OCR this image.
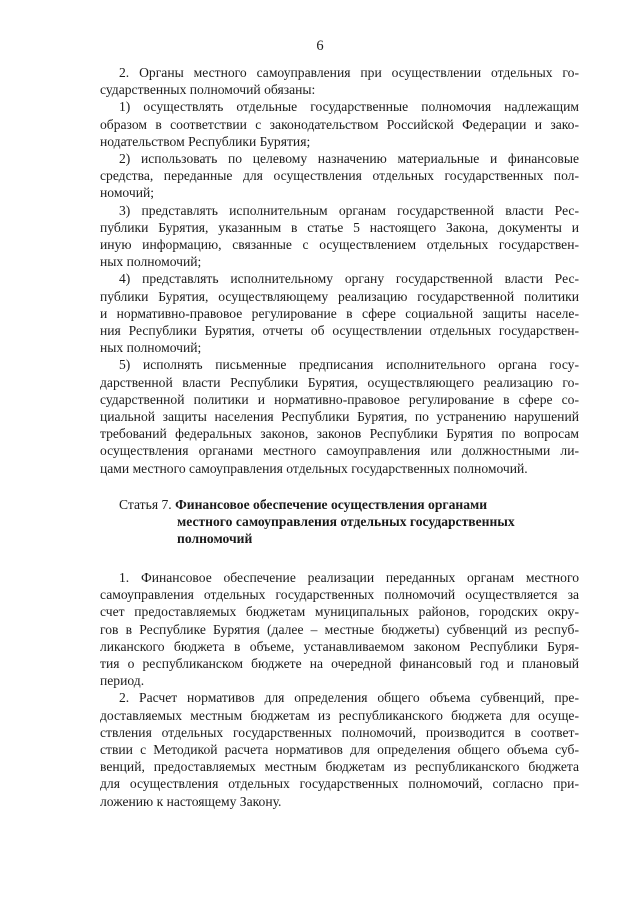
6
2. Органы местного самоуправления при осуществлении отдельных го-
сударственных полномочий обязаны:
1) осуществлять отдельные государственные полномочия надлежащим
образом в соответствии с законодательством Российской Федерации и зако-
нодательством Республики Бурятия;
2) использовать по целевому назначению материальные и финансовые
средства, переданные для осуществления отдельных государственных пол-
номочий;
3) представлять исполнительным органам государственной власти Рес-
публики Бурятия, указанным в статье 5 настоящего Закона, документы и
иную информацию, связанные с осуществлением отдельных государствен-
ных полномочий;
4) представлять исполнительному органу государственной власти Рес-
публики Бурятия, осуществляющему реализацию государственной политики
и нормативно-правовое регулирование в сфере социальной защиты населе-
ния Республики Бурятия, отчеты об осуществлении отдельных государствен-
ных полномочий;
5) исполнять письменные предписания исполнительного органа госу-
дарственной власти Республики Бурятия, осуществляющего реализацию го-
сударственной политики и нормативно-правовое регулирование в сфере со-
циальной защиты населения Республики Бурятия, по устранению нарушений
требований федеральных законов, законов Республики Бурятия по вопросам
осуществления органами местного самоуправления или должностными ли-
цами местного самоуправления отдельных государственных полномочий.
Статья 7. Финансовое обеспечение осуществления органами
местного самоуправления отдельных государственных
полномочий
1. Финансовое обеспечение реализации переданных органам местного
самоуправления отдельных государственных полномочий осуществляется за
счет предоставляемых бюджетам муниципальных районов, городских окру-
гов в Республике Бурятия (далее – местные бюджеты) субвенций из респуб-
ликанского бюджета в объеме, устанавливаемом законом Республики Буря-
тия о республиканском бюджете на очередной финансовый год и плановый
период.
2. Расчет нормативов для определения общего объема субвенций, пре-
доставляемых местным бюджетам из республиканского бюджета для осуще-
ствления отдельных государственных полномочий, производится в соответ-
ствии с Методикой расчета нормативов для определения общего объема суб-
венций, предоставляемых местным бюджетам из республиканского бюджета
для осуществления отдельных государственных полномочий, согласно при-
ложению к настоящему Закону.
